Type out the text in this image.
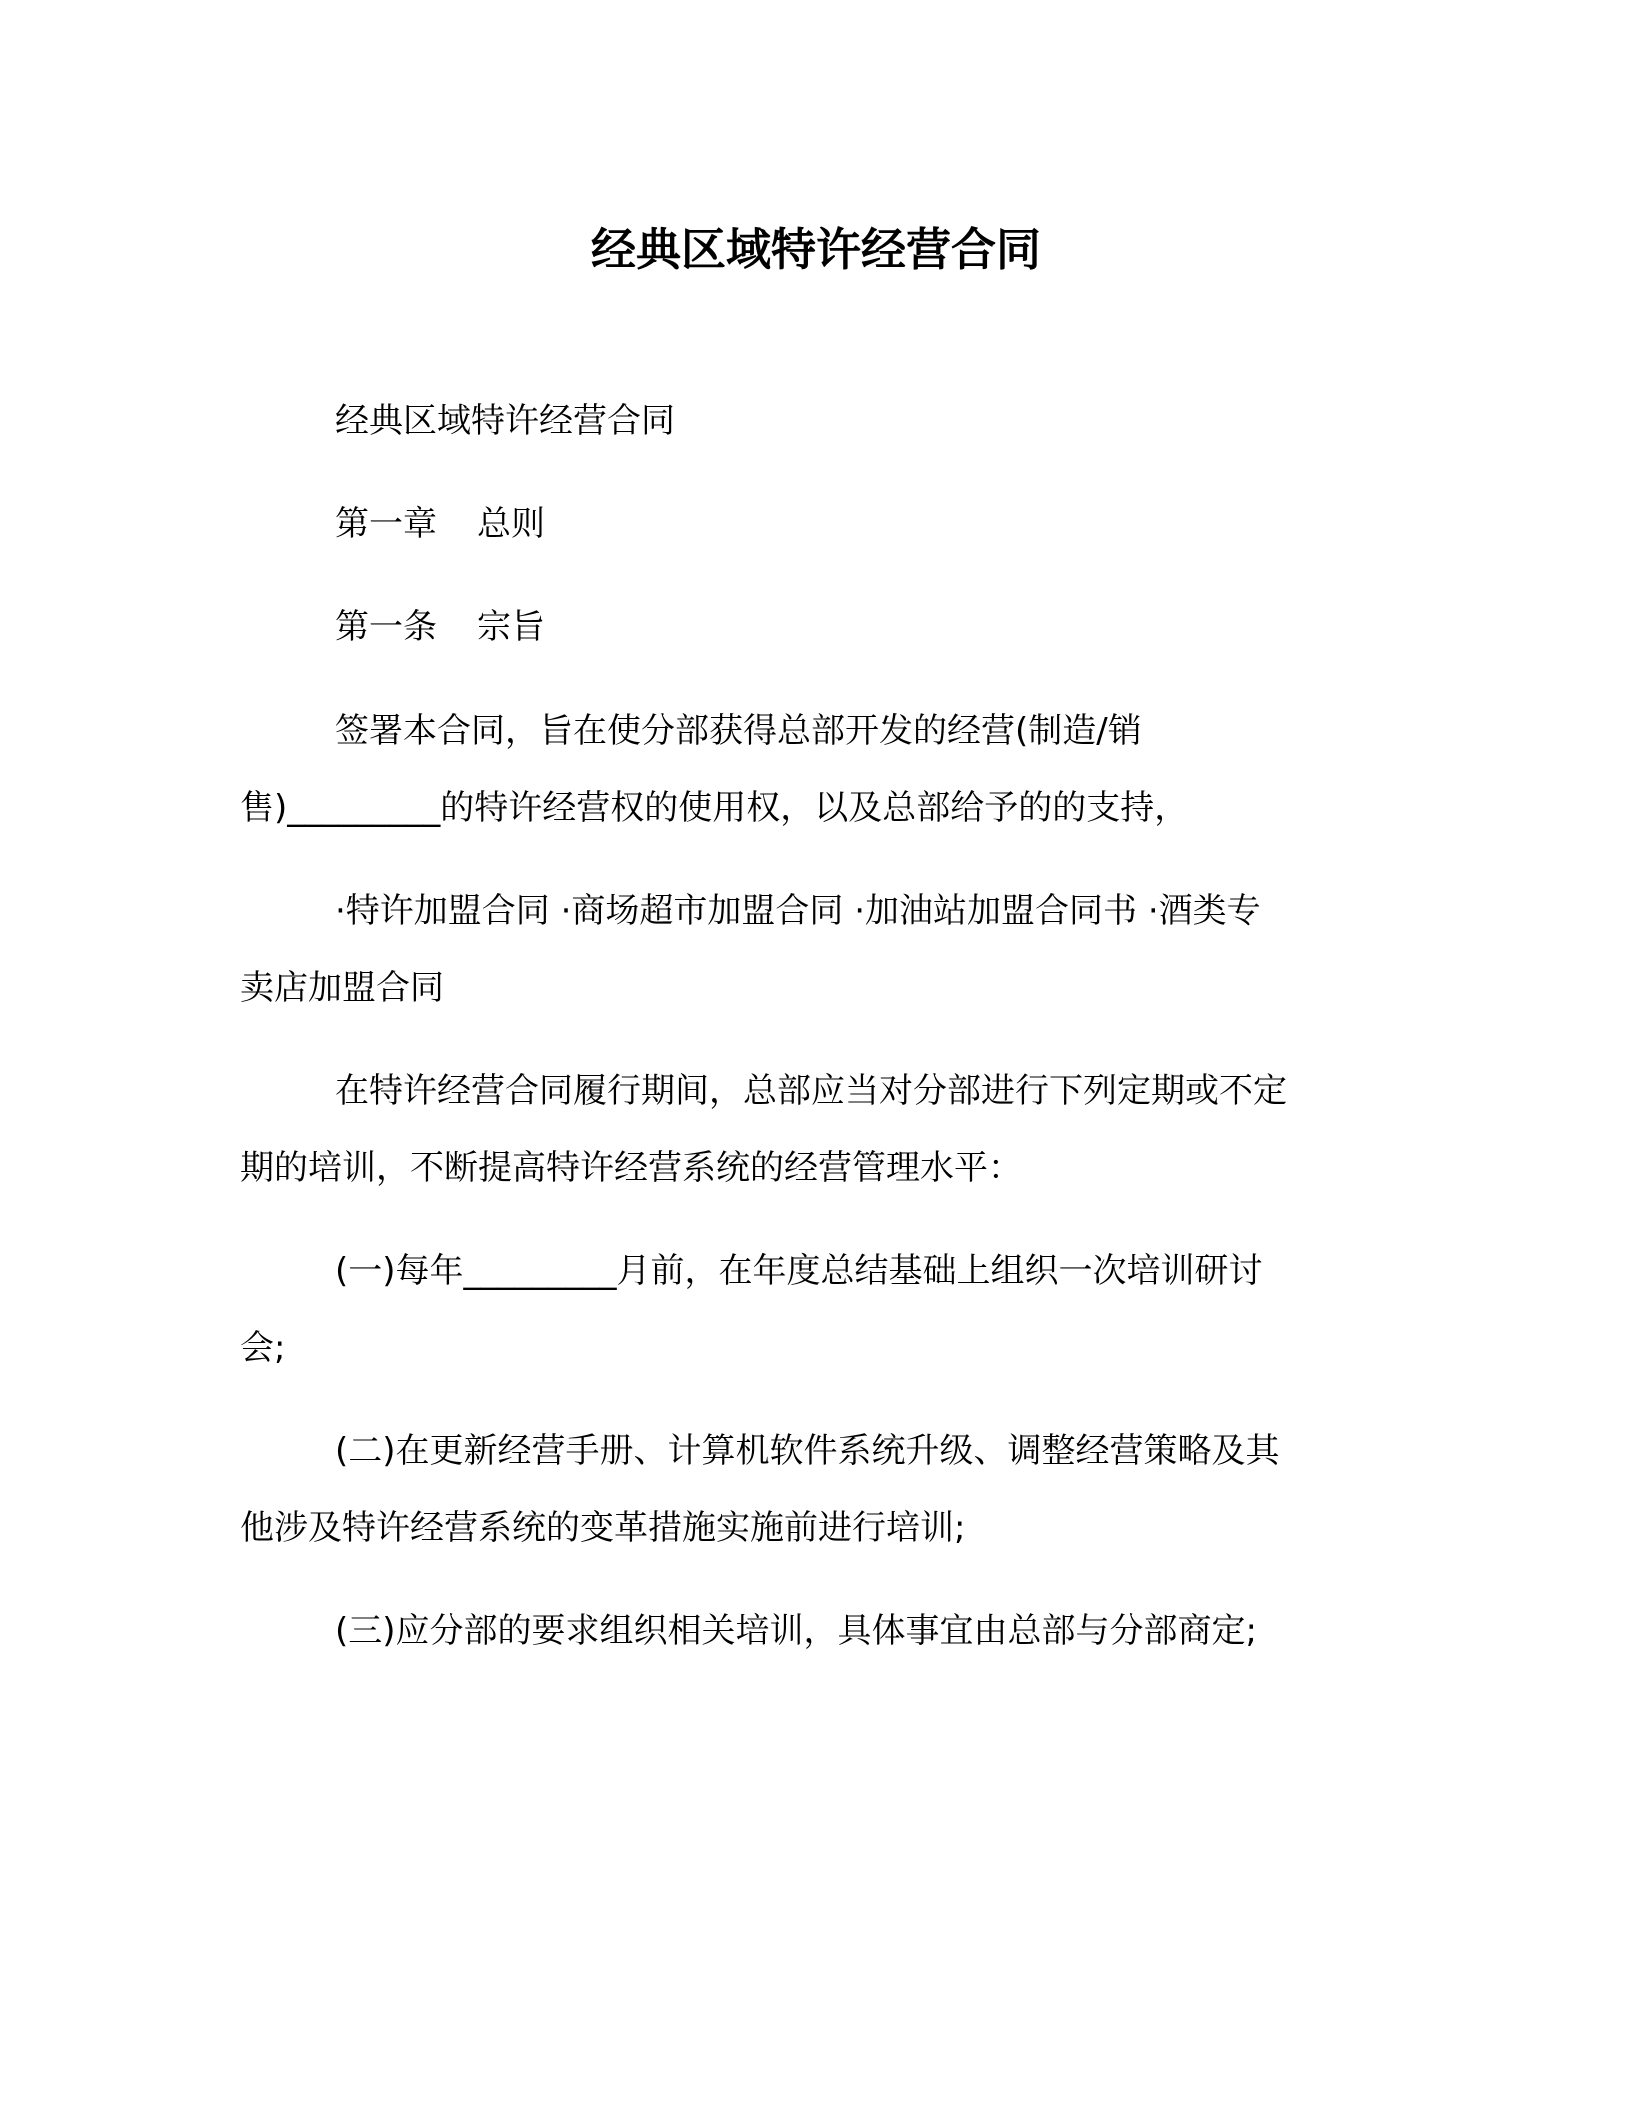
经典区域特许经营合同
经典区域特许经营合同
第一章 总则
第一条 宗旨
签署本合同，旨在使分部获得总部开发的经营(制造/销
售)_________的特许经营权的使用权，以及总部给予的的支持，
·特许加盟合同 ·商场超市加盟合同 ·加油站加盟合同书 ·酒类专
卖店加盟合同
在特许经营合同履行期间，总部应当对分部进行下列定期或不定
期的培训，不断提高特许经营系统的经营管理水平：
(一)每年_________月前，在年度总结基础上组织一次培训研讨
会;
(二)在更新经营手册、计算机软件系统升级、调整经营策略及其
他涉及特许经营系统的变革措施实施前进行培训;
(三)应分部的要求组织相关培训，具体事宜由总部与分部商定;
